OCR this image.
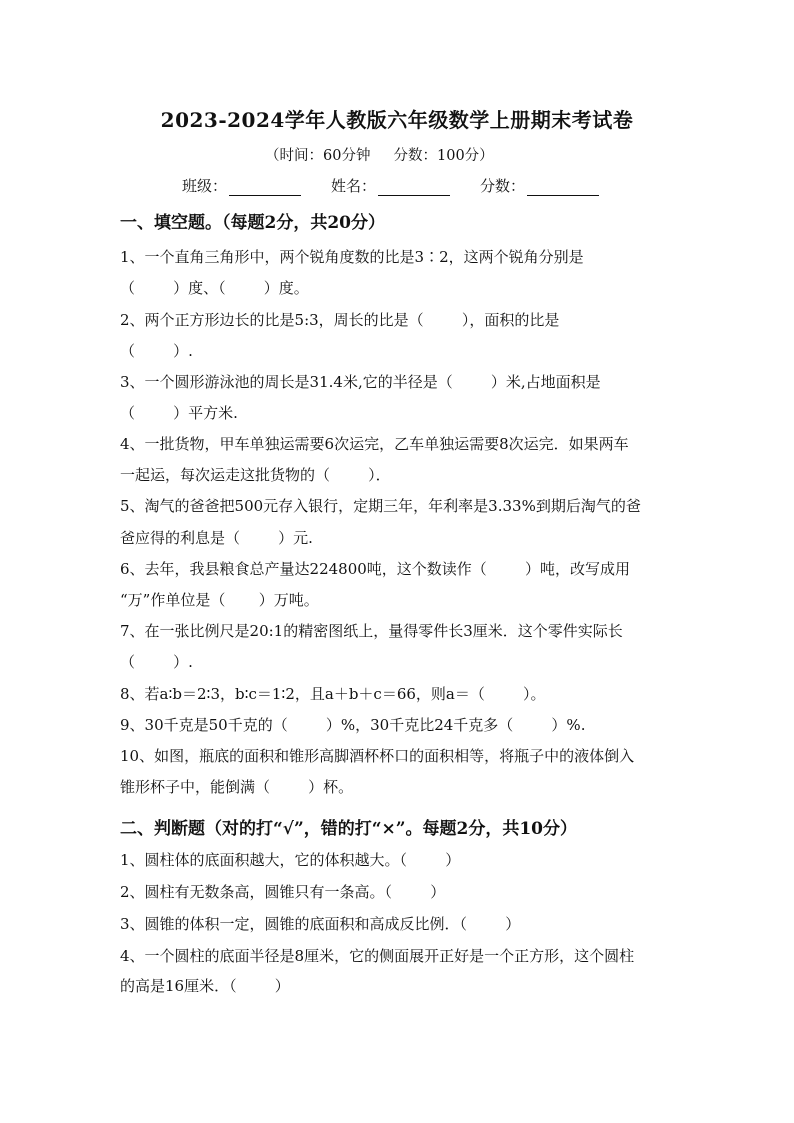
2023-2024学年人教版六年级数学上册期末考试卷
（时间：60分钟     分数：100分）
班级：	姓名：	分数：
一、填空题。（每题2分，共20分）
1、一个直角三角形中，两个锐角度数的比是3∶2，这两个锐角分别是
（        ）度、（        ）度。
2、两个正方形边长的比是5:3，周长的比是（        ），面积的比是
（        ）.
3、一个圆形游泳池的周长是31.4米,它的半径是（        ）米,占地面积是
（        ）平方米.
4、一批货物，甲车单独运需要6次运完，乙车单独运需要8次运完．如果两车
一起运，每次运走这批货物的（        ）．
5、淘气的爸爸把500元存入银行，定期三年，年利率是3.33%到期后淘气的爸
爸应得的利息是（        ）元.
6、去年，我县粮食总产量达224800吨，这个数读作（        ）吨，改写成用
“万”作单位是（       ）万吨。
7、在一张比例尺是20:1的精密图纸上，量得零件长3厘米．这个零件实际长
（        ）.
8、若a∶b＝2∶3，b∶c＝1∶2，且a＋b＋c＝66，则a＝（        ）。
9、30千克是50千克的（        ）%，30千克比24千克多（        ）%.
10、如图，瓶底的面积和锥形高脚酒杯杯口的面积相等，将瓶子中的液体倒入
锥形杯子中，能倒满（        ）杯。
二、判断题（对的打“√”，错的打“×”。每题2分，共10分）
1、圆柱体的底面积越大，它的体积越大。（        ）
2、圆柱有无数条高，圆锥只有一条高。（        ）
3、圆锥的体积一定，圆锥的底面积和高成反比例．（        ）
4、一个圆柱的底面半径是8厘米，它的侧面展开正好是一个正方形，这个圆柱
的高是16厘米．（        ）
